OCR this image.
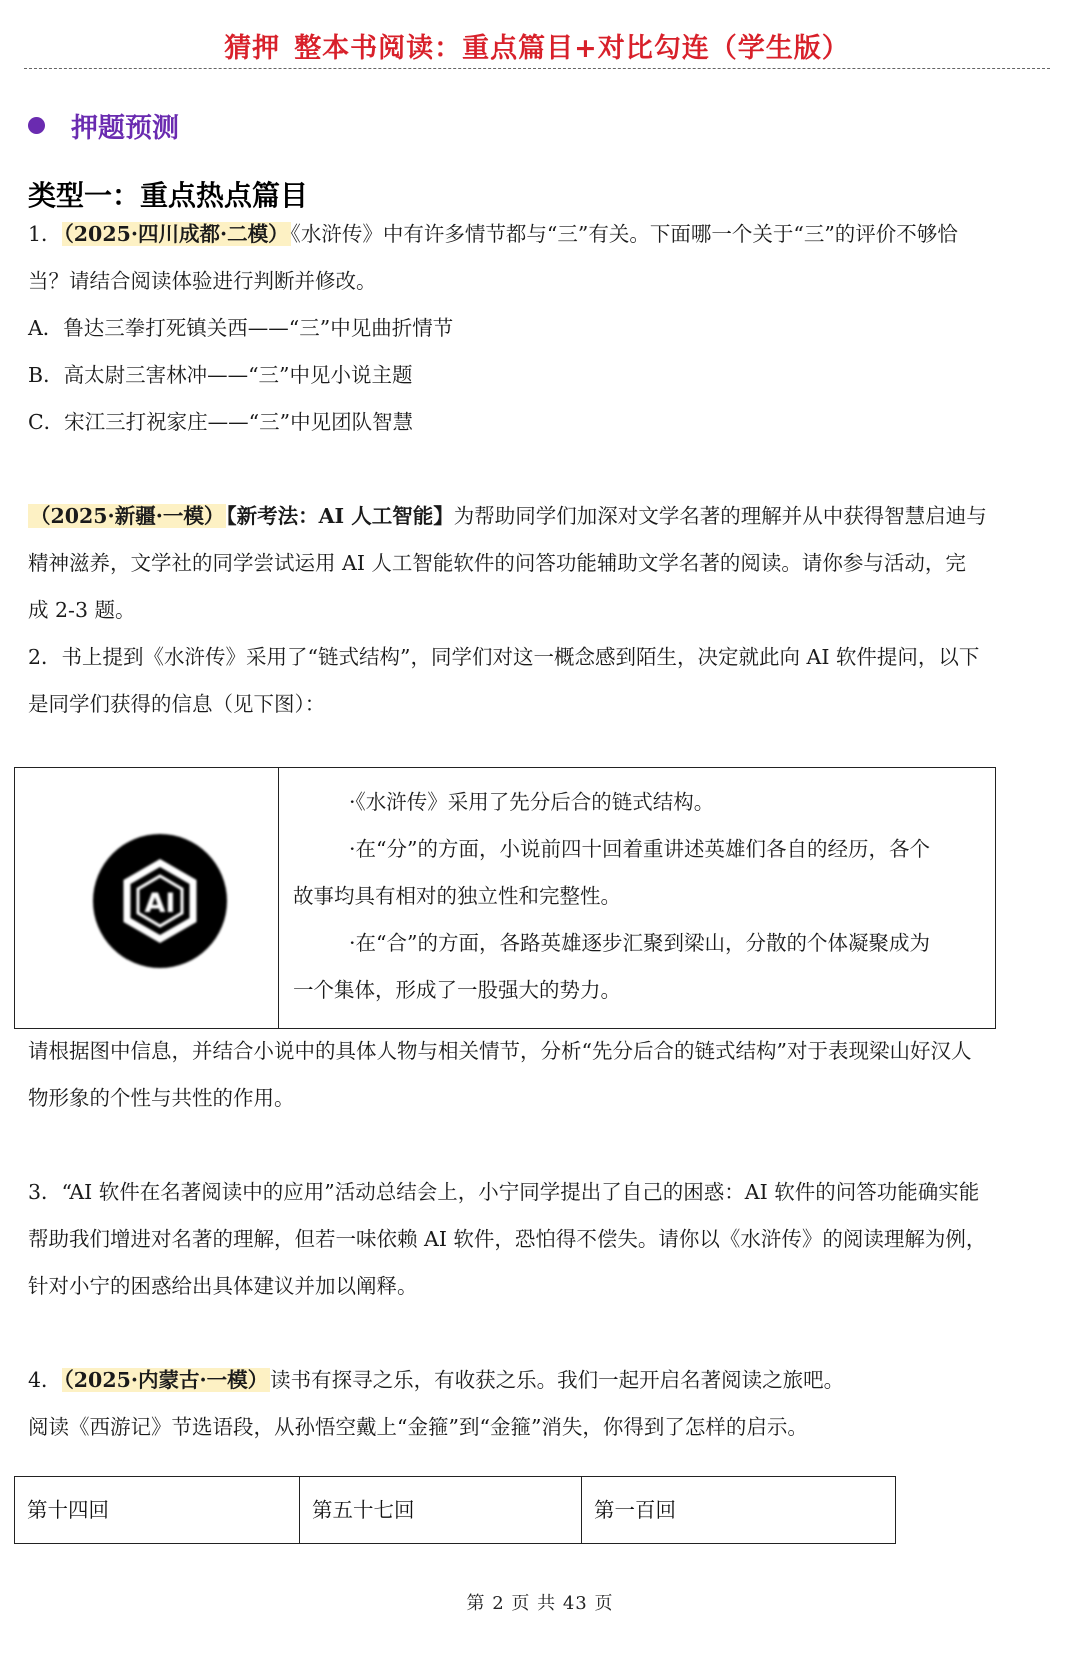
猜押 整本书阅读：重点篇目+对比勾连（学生版）
押题预测
类型一：重点热点篇目
1．（2025·四川成都·二模）《水浒传》中有许多情节都与“三”有关。下面哪一个关于“三”的评价不够恰
当？请结合阅读体验进行判断并修改。
A．鲁达三拳打死镇关西——“三”中见曲折情节
B．高太尉三害林冲——“三”中见小说主题
C．宋江三打祝家庄——“三”中见团队智慧
（2025·新疆·一模）【新考法：AI 人工智能】为帮助同学们加深对文学名著的理解并从中获得智慧启迪与
精神滋养，文学社的同学尝试运用 AI 人工智能软件的问答功能辅助文学名著的阅读。请你参与活动，完
成 2-3 题。
2．书上提到《水浒传》采用了“链式结构”，同学们对这一概念感到陌生，决定就此向 AI 软件提问，以下
是同学们获得的信息（见下图）：
AI
·《水浒传》采用了先分后合的链式结构。
·在“分”的方面，小说前四十回着重讲述英雄们各自的经历，各个
故事均具有相对的独立性和完整性。
·在“合”的方面，各路英雄逐步汇聚到梁山，分散的个体凝聚成为
一个集体，形成了一股强大的势力。
请根据图中信息，并结合小说中的具体人物与相关情节，分析“先分后合的链式结构”对于表现梁山好汉人
物形象的个性与共性的作用。
3．“AI 软件在名著阅读中的应用”活动总结会上，小宁同学提出了自己的困惑：AI 软件的问答功能确实能
帮助我们增进对名著的理解，但若一味依赖 AI 软件，恐怕得不偿失。请你以《水浒传》的阅读理解为例，
针对小宁的困惑给出具体建议并加以阐释。
4．（2025·内蒙古·一模）读书有探寻之乐，有收获之乐。我们一起开启名著阅读之旅吧。
阅读《西游记》节选语段，从孙悟空戴上“金箍”到“金箍”消失，你得到了怎样的启示。
第十四回	第五十七回	第一百回
第 2 页 共 43 页
